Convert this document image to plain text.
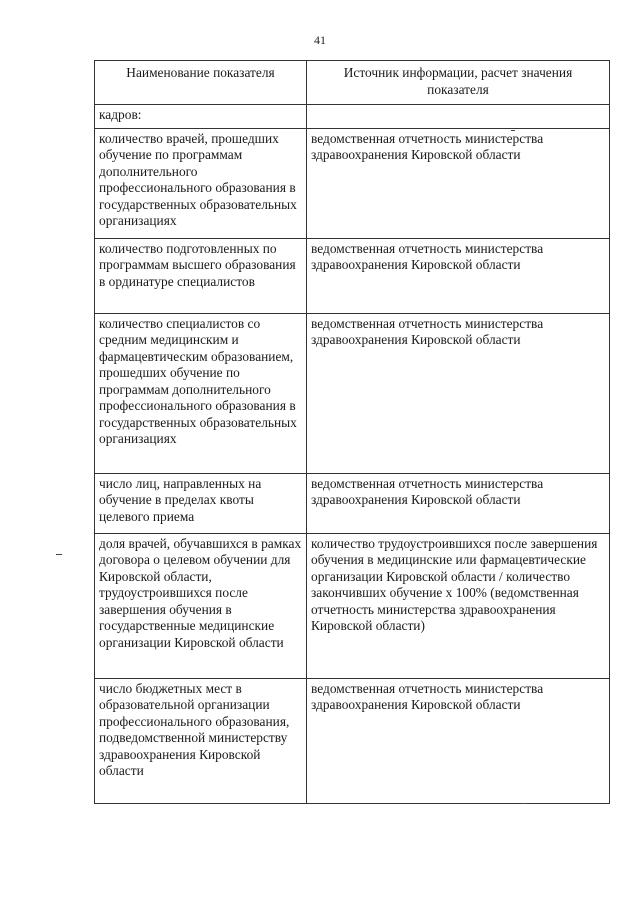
41
Наименование показателя	Источник информации, расчет значения показателя
кадров:	
количество врачей, прошедших обучение по программам дополнительного профессионального образования в государственных образовательных организациях	ведомственная отчетность министерства здравоохранения Кировской области
количество подготовленных по программам высшего образования в ординатуре специалистов	ведомственная отчетность министерства здравоохранения Кировской области
количество специалистов со средним медицинским и фармацевтическим образованием, прошедших обучение по программам дополнительного профессионального образования в государственных образовательных организациях	ведомственная отчетность министерства здравоохранения Кировской области
число лиц, направленных на обучение в пределах квоты целевого приема	ведомственная отчетность министерства здравоохранения Кировской области
доля врачей, обучавшихся в рамках договора о целевом обучении для Кировской области, трудоустроившихся после завершения обучения в государственные медицинские организации Кировской области	количество трудоустроившихся после завершения обучения в медицинские или фармацевтические организации Кировской области / количество закончивших обучение x 100% (ведомственная отчетность министерства здравоохранения Кировской области)
число бюджетных мест в образовательной организации профессионального образования, подведомственной министерству здравоохранения Кировской области	ведомственная отчетность министерства здравоохранения Кировской области
